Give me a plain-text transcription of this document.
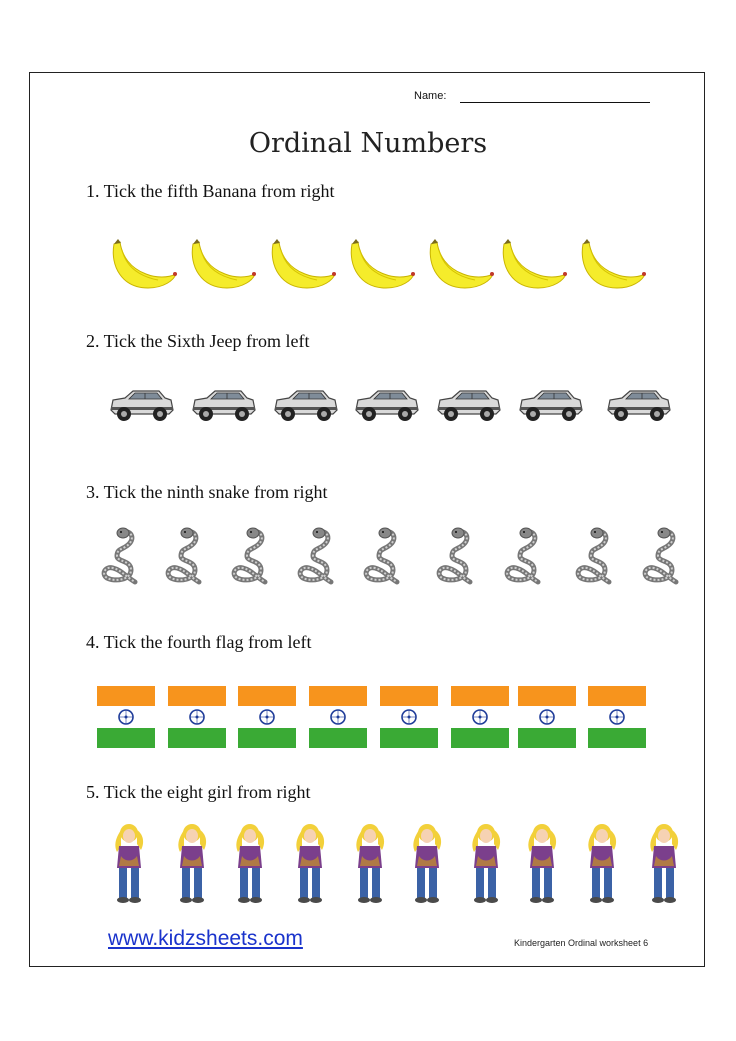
Name:
Ordinal Numbers
1. Tick the fifth Banana from right
2. Tick the Sixth Jeep from left
3. Tick the ninth snake from right
4. Tick the fourth flag from left
5. Tick the eight girl from right
www.kidzsheets.com	Kindergarten Ordinal worksheet 6
